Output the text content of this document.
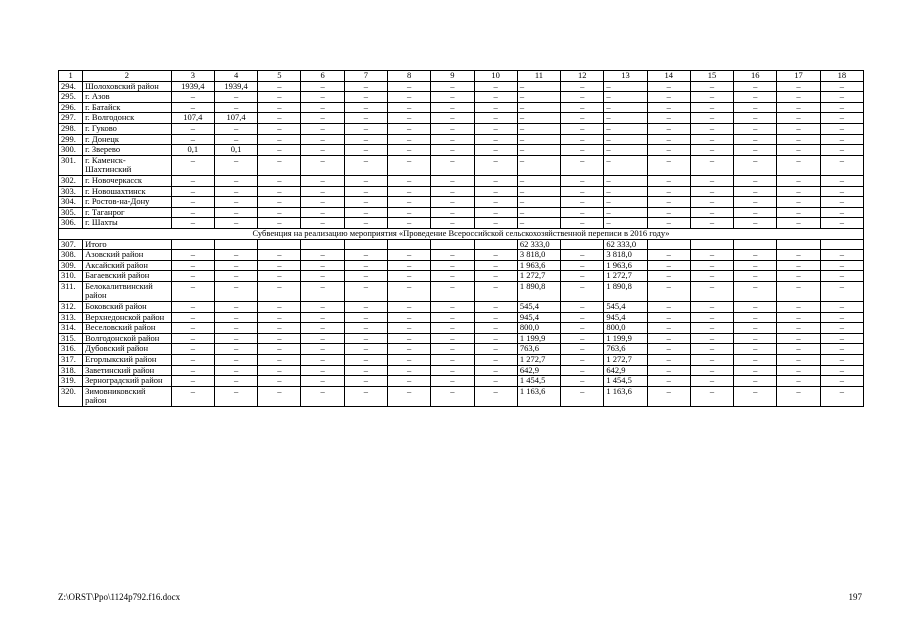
1	2	3	4	5	6	7	8	9	10	11	12	13	14	15	16	17	18
294.	Шолоховский район	1939,4	1939,4	–	–	–	–	–	–	–	–	–	–	–	–	–	–
295.	г. Азов	–	–	–	–	–	–	–	–	–	–	–	–	–	–	–	–
296.	г. Батайск	–	–	–	–	–	–	–	–	–	–	–	–	–	–	–	–
297.	г. Волгодонск	107,4	107,4	–	–	–	–	–	–	–	–	–	–	–	–	–	–
298.	г. Гуково	–	–	–	–	–	–	–	–	–	–	–	–	–	–	–	–
299.	г. Донецк	–	–	–	–	–	–	–	–	–	–	–	–	–	–	–	–
300.	г. Зверево	0,1	0,1	–	–	–	–	–	–	–	–	–	–	–	–	–	–
301.	г. Каменск-Шахтинский	–	–	–	–	–	–	–	–	–	–	–	–	–	–	–	–
302.	г. Новочеркасск	–	–	–	–	–	–	–	–	–	–	–	–	–	–	–	–
303.	г. Новошахтинск	–	–	–	–	–	–	–	–	–	–	–	–	–	–	–	–
304.	г. Ростов-на-Дону	–	–	–	–	–	–	–	–	–	–	–	–	–	–	–	–
305.	г. Таганрог	–	–	–	–	–	–	–	–	–	–	–	–	–	–	–	–
306.	г. Шахты	–	–	–	–	–	–	–	–	–	–	–	–	–	–	–	–
Субвенция на реализацию мероприятия «Проведение Всероссийской сельскохозяйственной переписи в 2016 году»																	
307.	Итого									62 333,0		62 333,0					
308.	Азовский район	–	–	–	–	–	–	–	–	3 818,0	–	3 818,0	–	–	–	–	–
309.	Аксайский район	–	–	–	–	–	–	–	–	1 963,6	–	1 963,6	–	–	–	–	–
310.	Багаевский район	–	–	–	–	–	–	–	–	1 272,7	–	1 272,7	–	–	–	–	–
311.	Белокалитвинский район	–	–	–	–	–	–	–	–	1 890,8	–	1 890,8	–	–	–	–	–
312.	Боковский район	–	–	–	–	–	–	–	–	545,4	–	545,4	–	–	–	–	–
313.	Верхнедонской район	–	–	–	–	–	–	–	–	945,4	–	945,4	–	–	–	–	–
314.	Веселовский район	–	–	–	–	–	–	–	–	800,0	–	800,0	–	–	–	–	–
315.	Волгодонской район	–	–	–	–	–	–	–	–	1 199,9	–	1 199,9	–	–	–	–	–
316.	Дубовский район	–	–	–	–	–	–	–	–	763,6	–	763,6	–	–	–	–	–
317.	Егорлыкский район	–	–	–	–	–	–	–	–	1 272,7	–	1 272,7	–	–	–	–	–
318.	Заветинский район	–	–	–	–	–	–	–	–	642,9	–	642,9	–	–	–	–	–
319.	Зерноградский район	–	–	–	–	–	–	–	–	1 454,5	–	1 454,5	–	–	–	–	–
320.	Зимовниковский район	–	–	–	–	–	–	–	–	1 163,6	–	1 163,6	–	–	–	–	–
Z:\ORST\Ppo\1124p792.f16.docx	197
